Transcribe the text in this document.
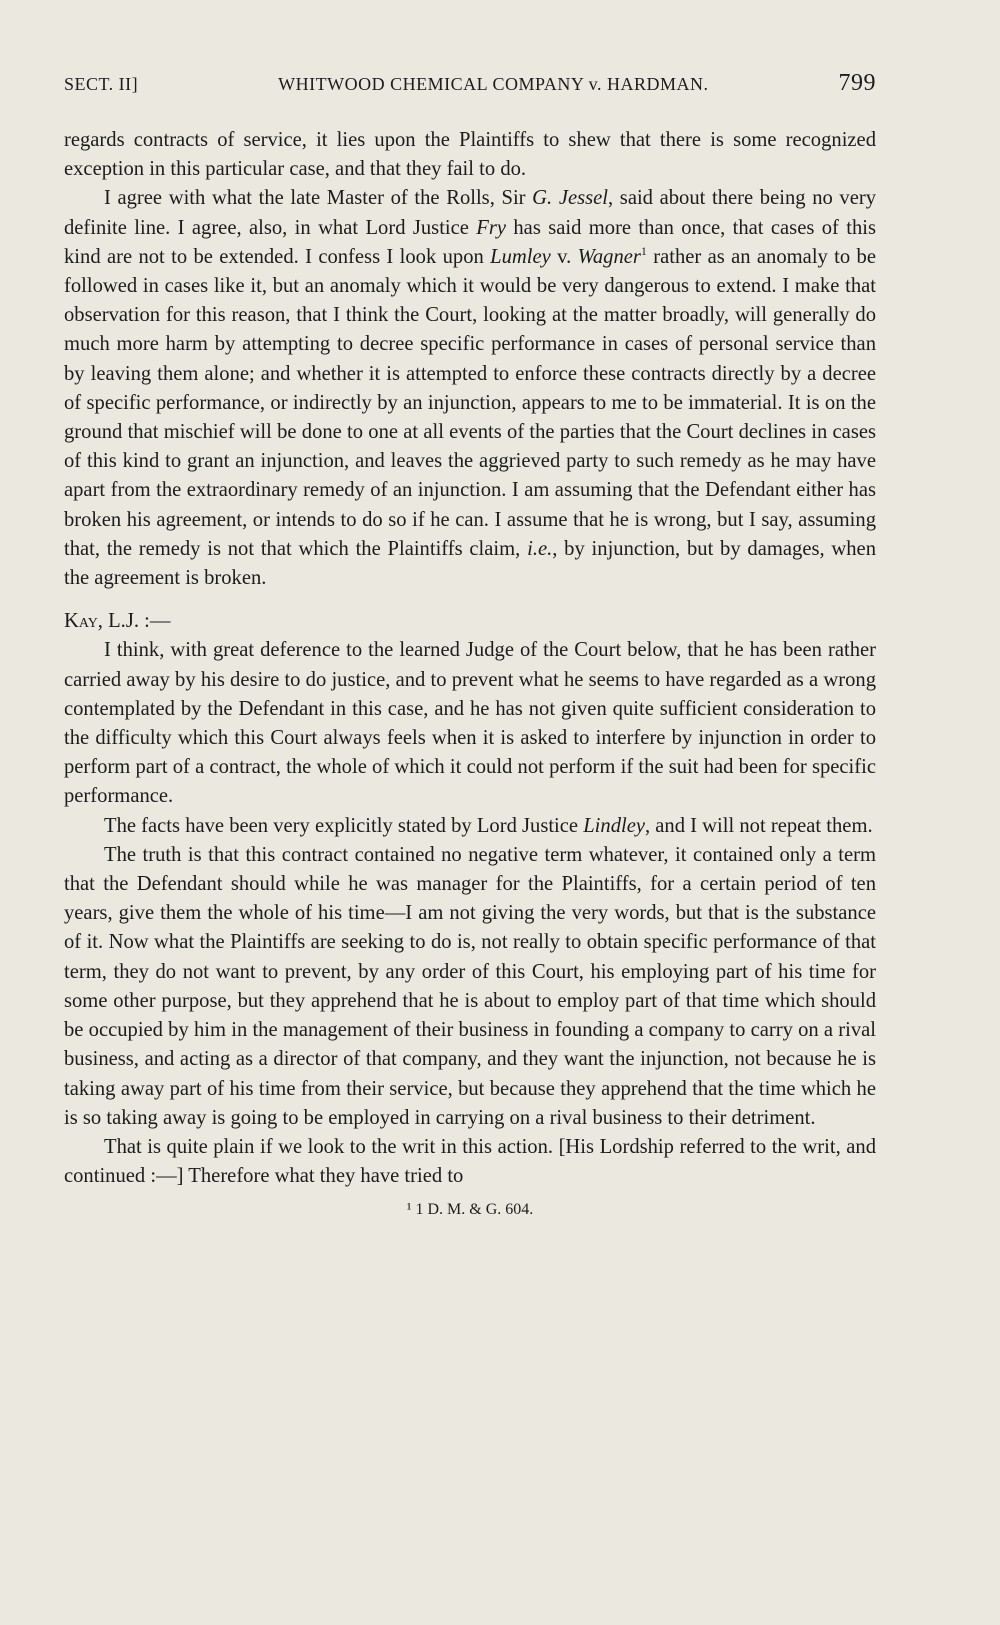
SECT. II]	WHITWOOD CHEMICAL COMPANY v. HARDMAN.	799

regards contracts of service, it lies upon the Plaintiffs to shew that there is some recognized exception in this particular case, and that they fail to do.

I agree with what the late Master of the Rolls, Sir G. Jessel, said about there being no very definite line. I agree, also, in what Lord Justice Fry has said more than once, that cases of this kind are not to be extended. I confess I look upon Lumley v. Wagner$^1$ rather as an anomaly to be followed in cases like it, but an anomaly which it would be very dangerous to extend. I make that observation for this reason, that I think the Court, looking at the matter broadly, will generally do much more harm by attempting to decree specific performance in cases of personal service than by leaving them alone; and whether it is attempted to enforce these contracts directly by a decree of specific performance, or indirectly by an injunction, appears to me to be immaterial. It is on the ground that mischief will be done to one at all events of the parties that the Court declines in cases of this kind to grant an injunction, and leaves the aggrieved party to such remedy as he may have apart from the extraordinary remedy of an injunction. I am assuming that the Defendant either has broken his agreement, or intends to do so if he can. I assume that he is wrong, but I say, assuming that, the remedy is not that which the Plaintiffs claim, i.e., by injunction, but by damages, when the agreement is broken.

Kay, L.J. :—

I think, with great deference to the learned Judge of the Court below, that he has been rather carried away by his desire to do justice, and to prevent what he seems to have regarded as a wrong contemplated by the Defendant in this case, and he has not given quite sufficient consideration to the difficulty which this Court always feels when it is asked to interfere by injunction in order to perform part of a contract, the whole of which it could not perform if the suit had been for specific performance.

The facts have been very explicitly stated by Lord Justice Lindley, and I will not repeat them.

The truth is that this contract contained no negative term whatever, it contained only a term that the Defendant should while he was manager for the Plaintiffs, for a certain period of ten years, give them the whole of his time—I am not giving the very words, but that is the substance of it. Now what the Plaintiffs are seeking to do is, not really to obtain specific performance of that term, they do not want to prevent, by any order of this Court, his employing part of his time for some other purpose, but they apprehend that he is about to employ part of that time which should be occupied by him in the management of their business in founding a company to carry on a rival business, and acting as a director of that company, and they want the injunction, not because he is taking away part of his time from their service, but because they apprehend that the time which he is so taking away is going to be employed in carrying on a rival business to their detriment.

That is quite plain if we look to the writ in this action. [His Lordship referred to the writ, and continued :—] Therefore what they have tried to

¹ 1 D. M. & G. 604.
